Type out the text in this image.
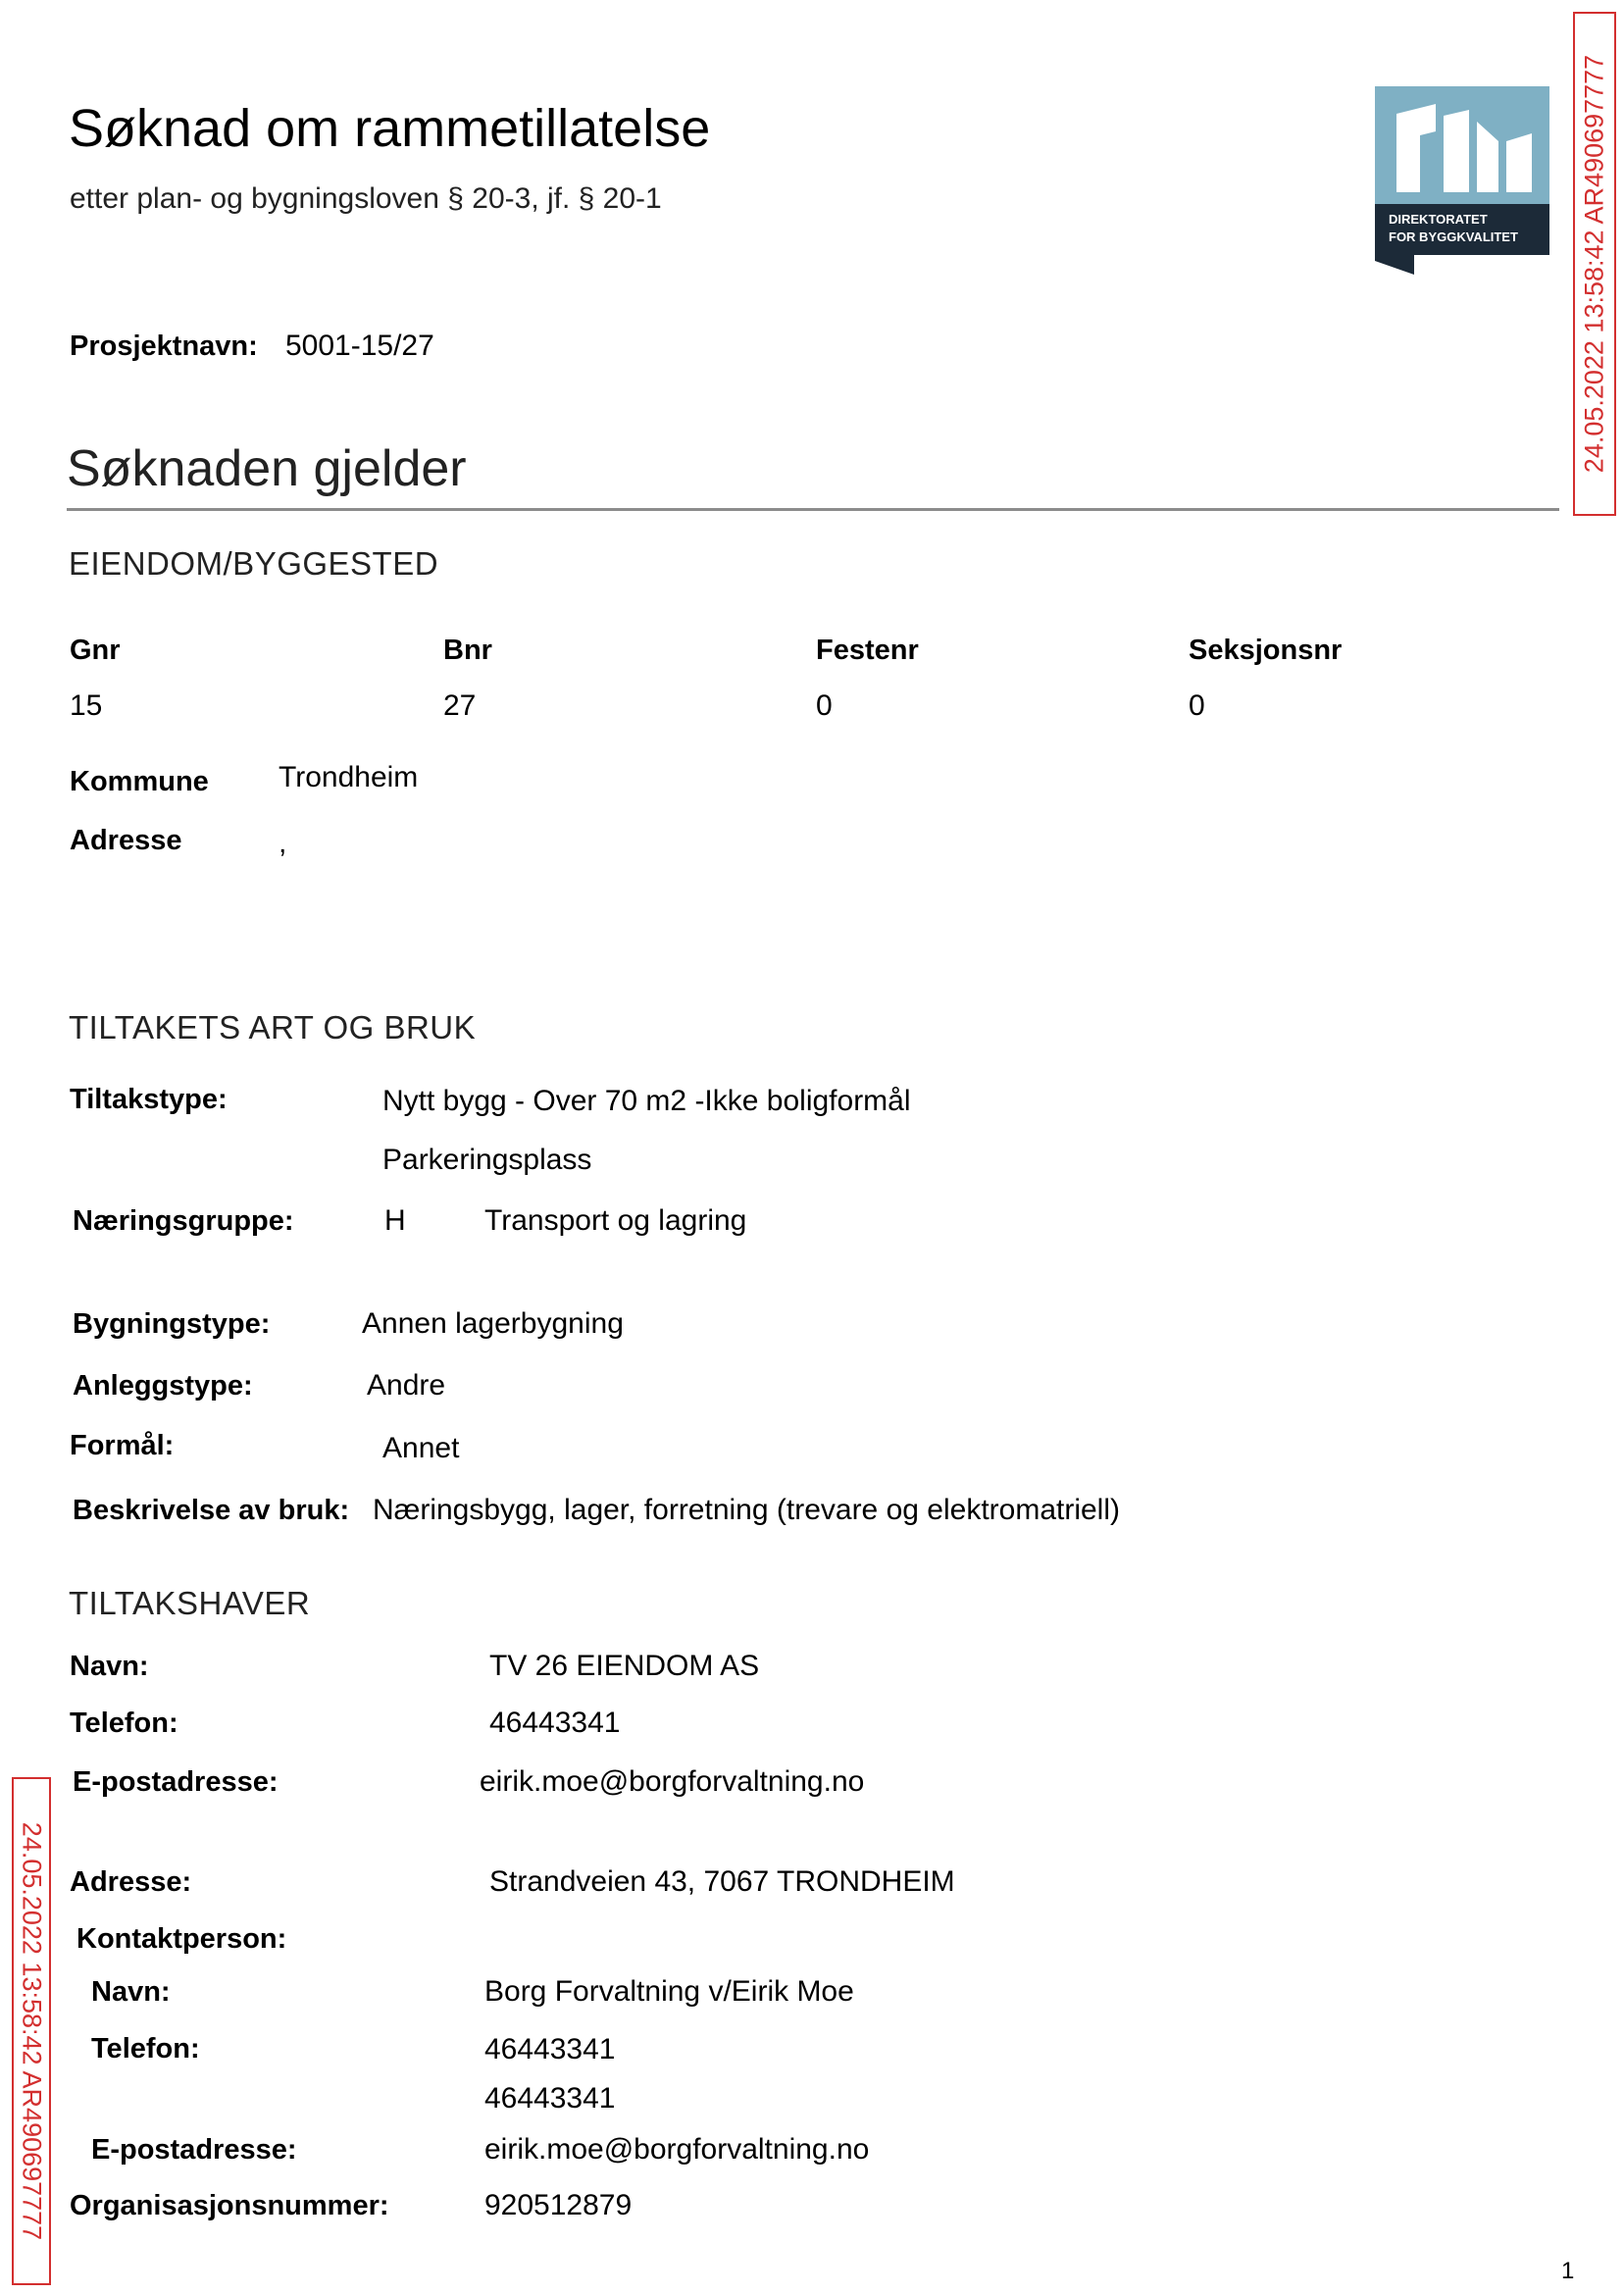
Søknad om rammetillatelse
etter plan- og bygningsloven § 20-3, jf. § 20-1
DIREKTORATET
FOR BYGGKVALITET 24.05.2022 13:58:42 AR490697777
Prosjektnavn: 5001-15/27
Søknaden gjelder
EIENDOM/BYGGESTED
Gnr	Bnr	Festenr	Seksjonsnr
15	27	0	0
Kommune Trondheim
Adresse	,
TILTAKETS ART OG BRUK
Tiltakstype:	Nytt bygg - Over 70 m2 -Ikke boligformål
Parkeringsplass
Næringsgruppe:	H	Transport og lagring
Bygningstype:	Annen lagerbygning
Anleggstype:	Andre
Formål:	Annet
Beskrivelse av bruk: Næringsbygg, lager, forretning (trevare og elektromatriell)
TILTAKSHAVER
Navn:	TV 26 EIENDOM AS
Telefon:	46443341
E-postadresse:	eirik.moe@borgforvaltning.no
Adresse:	Strandveien 43, 7067 TRONDHEIM
Kontaktperson:
Navn:	Borg Forvaltning v/Eirik Moe
Telefon:	46443341
46443341
E-postadresse:	eirik.moe@borgforvaltning.no
Organisasjonsnummer:	920512879
24.05.2022 13:58:42 AR490697777
1
